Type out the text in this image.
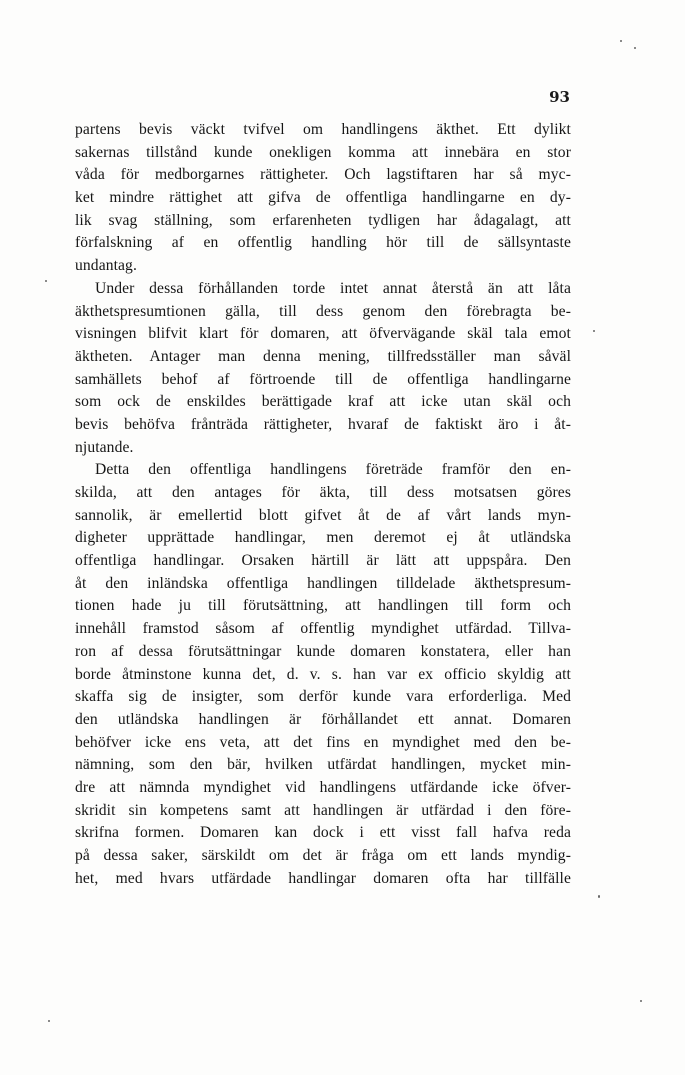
93
partens bevis väckt tvifvel om handlingens äkthet. Ett dylikt
sakernas tillstånd kunde onekligen komma att innebära en stor
våda för medborgarnes rättigheter. Och lagstiftaren har så myc-
ket mindre rättighet att gifva de offentliga handlingarne en dy-
lik svag ställning, som erfarenheten tydligen har ådagalagt, att
förfalskning af en offentlig handling hör till de sällsyntaste
undantag.
Under dessa förhållanden torde intet annat återstå än att låta
äkthetspresumtionen gälla, till dess genom den förebragta be-
visningen blifvit klart för domaren, att öfvervägande skäl tala emot
äktheten. Antager man denna mening, tillfredsställer man såväl
samhällets behof af förtroende till de offentliga handlingarne
som ock de enskildes berättigade kraf att icke utan skäl och
bevis behöfva frånträda rättigheter, hvaraf de faktiskt äro i åt-
njutande.
Detta den offentliga handlingens företräde framför den en-
skilda, att den antages för äkta, till dess motsatsen göres
sannolik, är emellertid blott gifvet åt de af vårt lands myn-
digheter upprättade handlingar, men deremot ej åt utländska
offentliga handlingar. Orsaken härtill är lätt att uppspåra. Den
åt den inländska offentliga handlingen tilldelade äkthetspresum-
tionen hade ju till förutsättning, att handlingen till form och
innehåll framstod såsom af offentlig myndighet utfärdad. Tillva-
ron af dessa förutsättningar kunde domaren konstatera, eller han
borde åtminstone kunna det, d. v. s. han var ex officio skyldig att
skaffa sig de insigter, som derför kunde vara erforderliga. Med
den utländska handlingen är förhållandet ett annat. Domaren
behöfver icke ens veta, att det fins en myndighet med den be-
nämning, som den bär, hvilken utfärdat handlingen, mycket min-
dre att nämnda myndighet vid handlingens utfärdande icke öfver-
skridit sin kompetens samt att handlingen är utfärdad i den före-
skrifna formen. Domaren kan dock i ett visst fall hafva reda
på dessa saker, särskildt om det är fråga om ett lands myndig-
het, med hvars utfärdade handlingar domaren ofta har tillfälle
